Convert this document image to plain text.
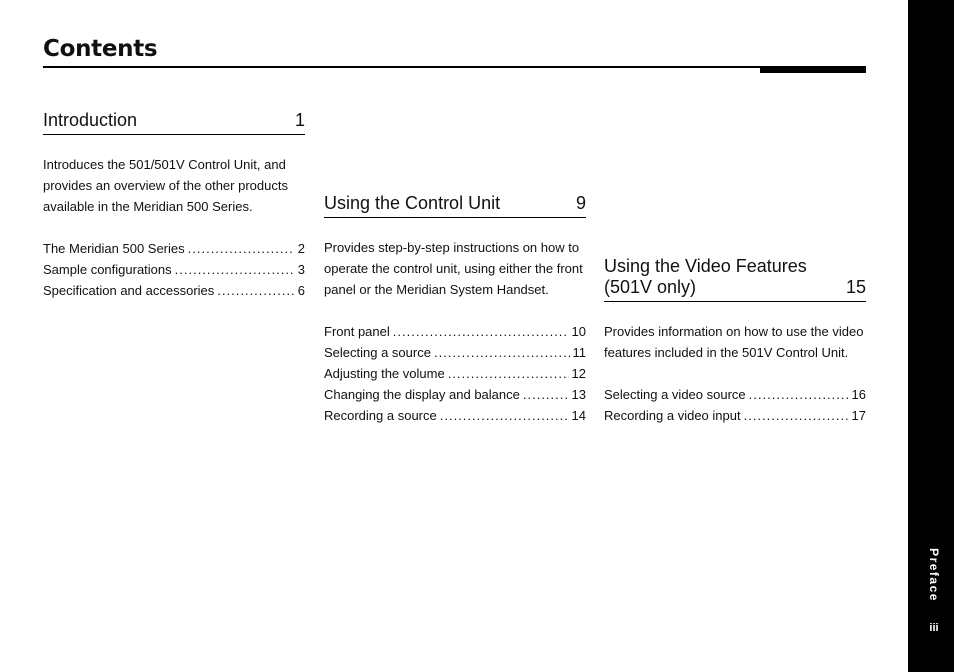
Contents
Introduction	1
Introduces the 501/501V Control Unit, and provides an overview of the other products available in the Meridian 500 Series.
The Meridian 500 Series .....	2
Sample configurations .....	3
Specification and accessories .....	6
Using the Control Unit	9
Provides step-by-step instructions on how to operate the control unit, using either the front panel or the Meridian System Handset.
Front panel .....	10
Selecting a source .....	11
Adjusting the volume .....	12
Changing the display and balance .....	13
Recording a source .....	14
Using the Video Features
(501V only)	15
Provides information on how to use the video features included in the 501V Control Unit.
Selecting a video source .....	16
Recording a video input .....	17
Preface
iii
